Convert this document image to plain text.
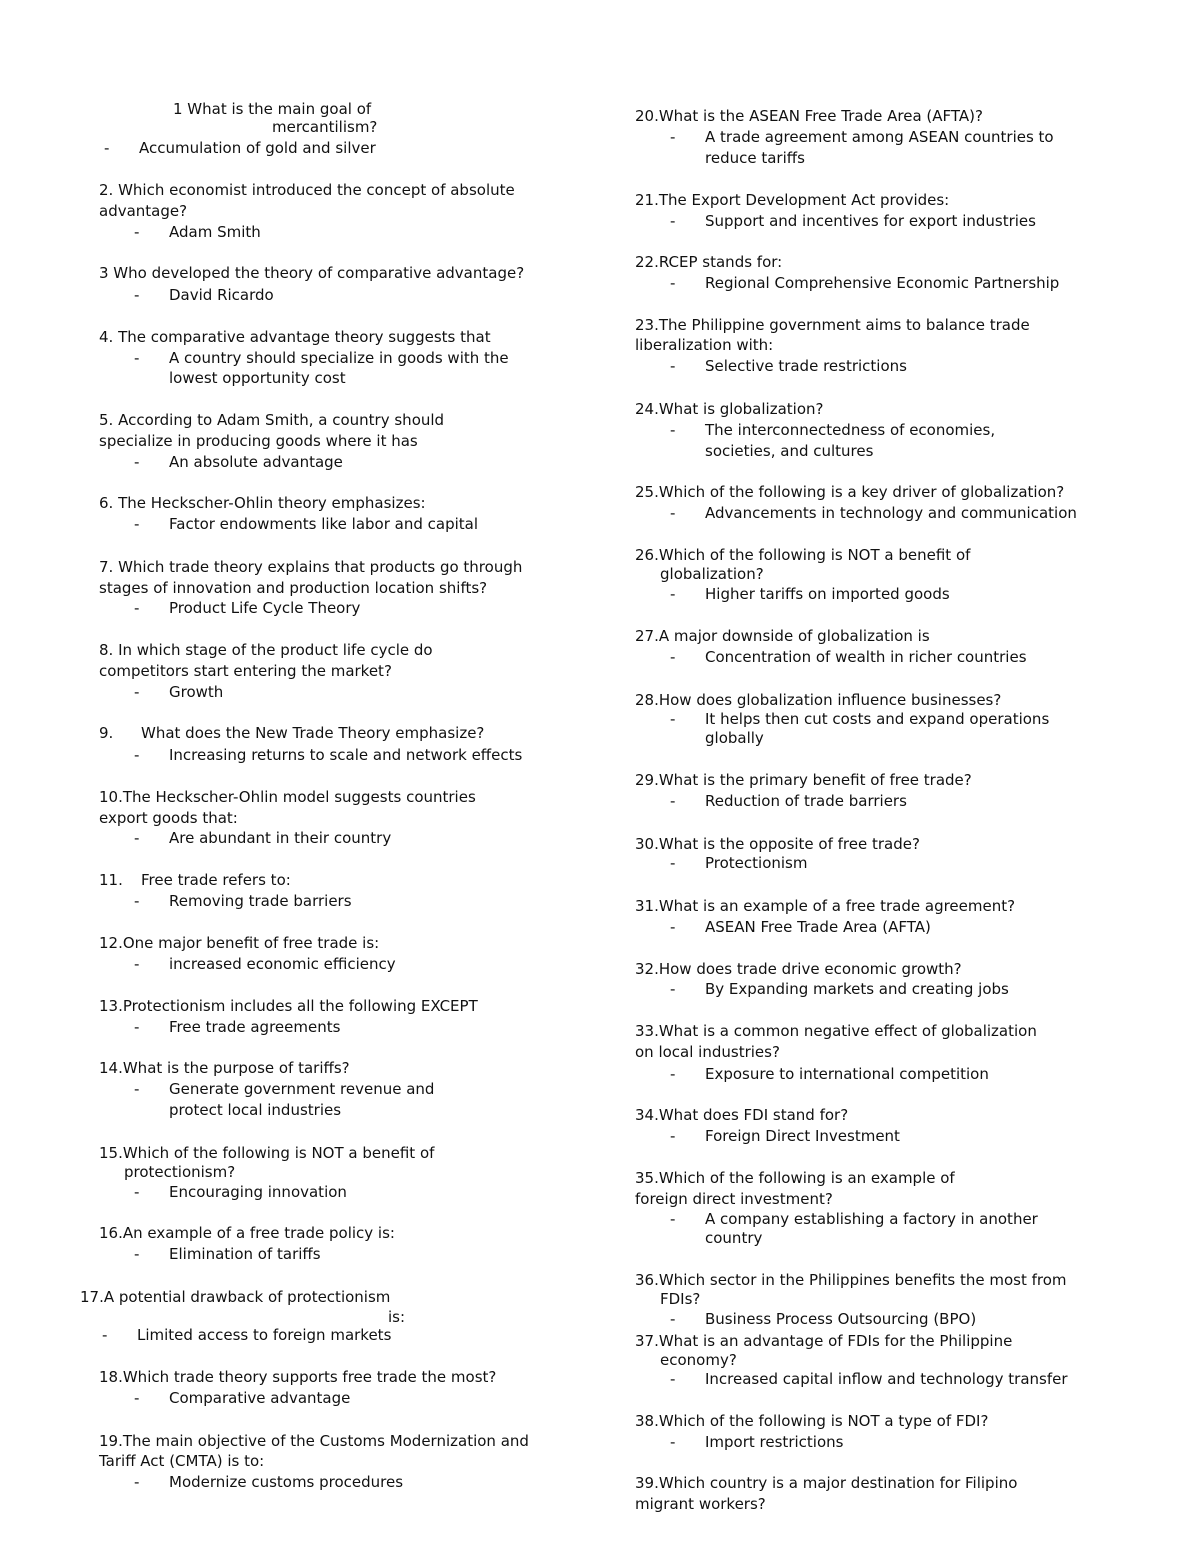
1 What is the main goal of
mercantilism?
- Accumulation of gold and silver
2. Which economist introduced the concept of absolute
advantage?
- Adam Smith
3 Who developed the theory of comparative advantage?
- David Ricardo
4. The comparative advantage theory suggests that
- A country should specialize in goods with the
lowest opportunity cost
5. According to Adam Smith, a country should
specialize in producing goods where it has
- An absolute advantage
6. The Heckscher-Ohlin theory emphasizes:
- Factor endowments like labor and capital
7. Which trade theory explains that products go through
stages of innovation and production location shifts?
- Product Life Cycle Theory
8. In which stage of the product life cycle do
competitors start entering the market?
- Growth
9. What does the New Trade Theory emphasize?
- Increasing returns to scale and network effects
10.The Heckscher-Ohlin model suggests countries
export goods that:
- Are abundant in their country
11. Free trade refers to:
- Removing trade barriers
12.One major benefit of free trade is:
- increased economic efficiency
13.Protectionism includes all the following EXCEPT
- Free trade agreements
14.What is the purpose of tariffs?
- Generate government revenue and
protect local industries
15.Which of the following is NOT a benefit of
protectionism?
- Encouraging innovation
16.An example of a free trade policy is:
- Elimination of tariffs
17.A potential drawback of protectionism
is:
- Limited access to foreign markets
18.Which trade theory supports free trade the most?
- Comparative advantage
19.The main objective of the Customs Modernization and
Tariff Act (CMTA) is to:
- Modernize customs procedures
20.What is the ASEAN Free Trade Area (AFTA)?
- A trade agreement among ASEAN countries to
reduce tariffs
21.The Export Development Act provides:
- Support and incentives for export industries
22.RCEP stands for:
- Regional Comprehensive Economic Partnership
23.The Philippine government aims to balance trade
liberalization with:
- Selective trade restrictions
24.What is globalization?
- The interconnectedness of economies,
societies, and cultures
25.Which of the following is a key driver of globalization?
- Advancements in technology and communication
26.Which of the following is NOT a benefit of
globalization?
- Higher tariffs on imported goods
27.A major downside of globalization is
- Concentration of wealth in richer countries
28.How does globalization influence businesses?
- It helps then cut costs and expand operations
globally
29.What is the primary benefit of free trade?
- Reduction of trade barriers
30.What is the opposite of free trade?
- Protectionism
31.What is an example of a free trade agreement?
- ASEAN Free Trade Area (AFTA)
32.How does trade drive economic growth?
- By Expanding markets and creating jobs
33.What is a common negative effect of globalization
on local industries?
- Exposure to international competition
34.What does FDI stand for?
- Foreign Direct Investment
35.Which of the following is an example of
foreign direct investment?
- A company establishing a factory in another
country
36.Which sector in the Philippines benefits the most from
FDIs?
- Business Process Outsourcing (BPO)
37.What is an advantage of FDIs for the Philippine
economy?
- Increased capital inflow and technology transfer
38.Which of the following is NOT a type of FDI?
- Import restrictions
39.Which country is a major destination for Filipino
migrant workers?
